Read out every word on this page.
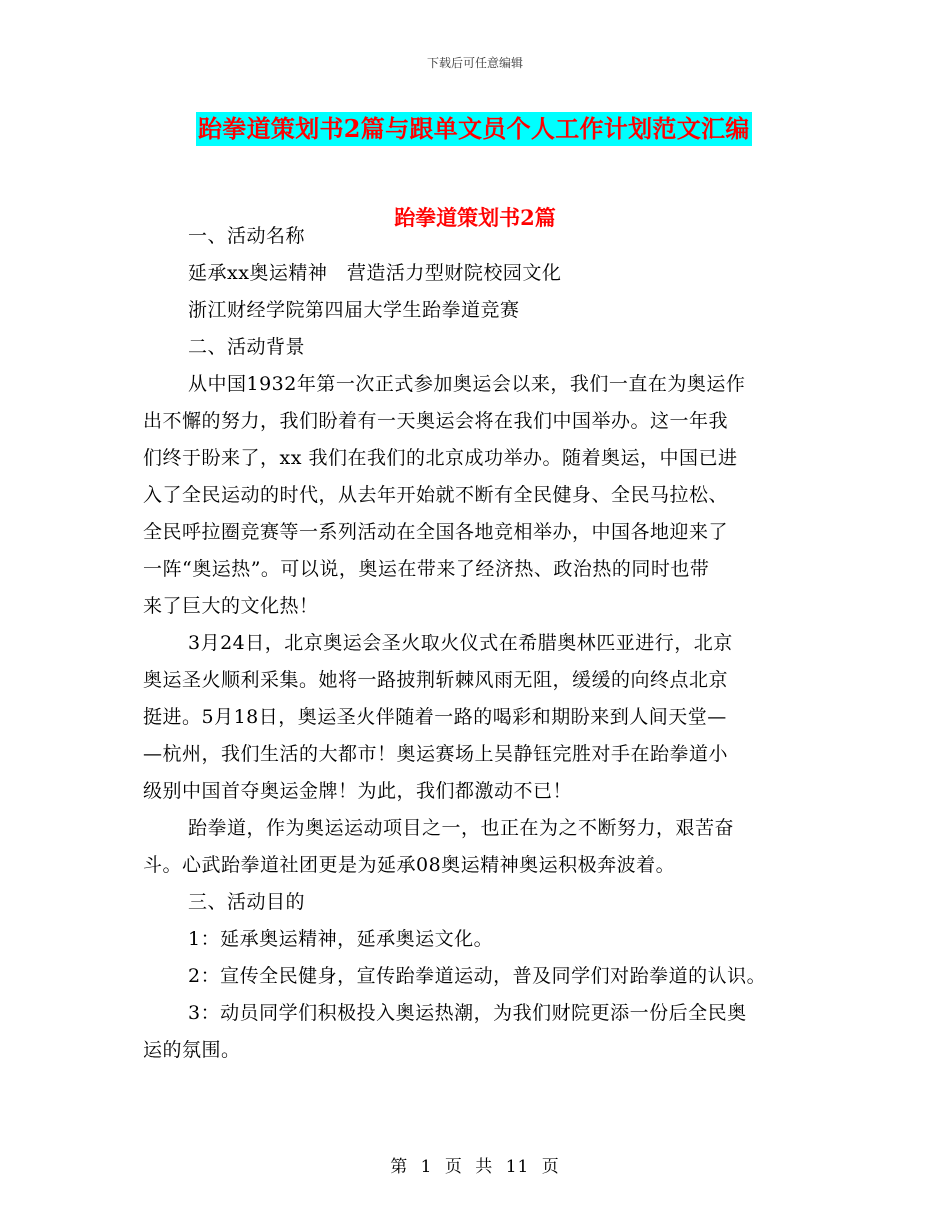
下载后可任意编辑
跆拳道策划书2篇与跟单文员个人工作计划范文汇编
跆拳道策划书2篇
一、活动名称
延承xx奥运精神　营造活力型财院校园文化
浙江财经学院第四届大学生跆拳道竞赛
二、活动背景
从中国1932年第一次正式参加奥运会以来，我们一直在为奥运作
出不懈的努力，我们盼着有一天奥运会将在我们中国举办。这一年我
们终于盼来了，xx 我们在我们的北京成功举办。随着奥运，中国已进
入了全民运动的时代，从去年开始就不断有全民健身、全民马拉松、
全民呼拉圈竞赛等一系列活动在全国各地竞相举办，中国各地迎来了
一阵“奥运热”。可以说，奥运在带来了经济热、政治热的同时也带
来了巨大的文化热！
3月24日，北京奥运会圣火取火仪式在希腊奥林匹亚进行，北京
奥运圣火顺利采集。她将一路披荆斩棘风雨无阻，缓缓的向终点北京
挺进。5月18日，奥运圣火伴随着一路的喝彩和期盼来到人间天堂—
—杭州，我们生活的大都市！奥运赛场上吴静钰完胜对手在跆拳道小
级别中国首夺奥运金牌！为此，我们都激动不已！
跆拳道，作为奥运运动项目之一，也正在为之不断努力，艰苦奋
斗。心武跆拳道社团更是为延承08奥运精神奥运积极奔波着。
三、活动目的
1：延承奥运精神，延承奥运文化。
2：宣传全民健身，宣传跆拳道运动，普及同学们对跆拳道的认识。
3：动员同学们积极投入奥运热潮，为我们财院更添一份后全民奥
运的氛围。
第 1 页 共 11 页
